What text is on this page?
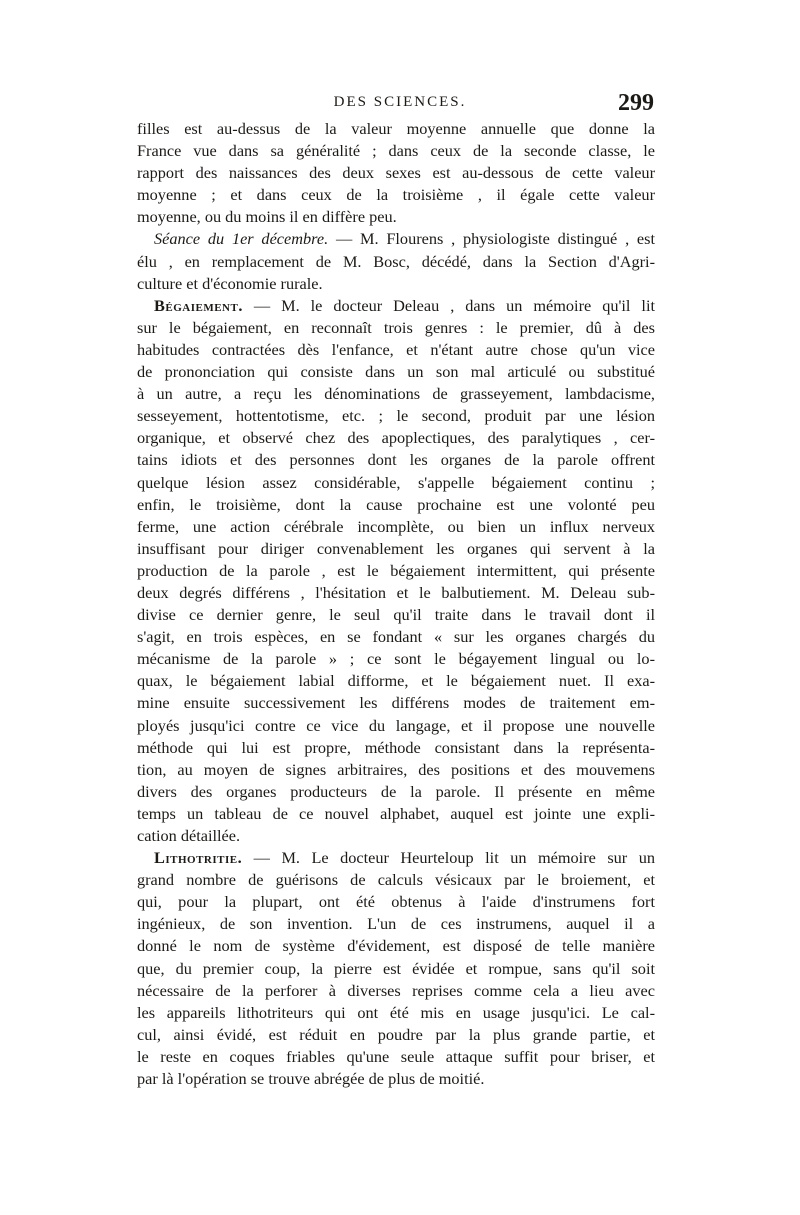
DES SCIENCES.	299
filles est au-dessus de la valeur moyenne annuelle que donne la
France vue dans sa généralité ; dans ceux de la seconde classe, le
rapport des naissances des deux sexes est au-dessous de cette valeur
moyenne ; et dans ceux de la troisième , il égale cette valeur
moyenne, ou du moins il en diffère peu.
Séance du 1er décembre. — M. Flourens , physiologiste distingué , est
élu , en remplacement de M. Bosc, décédé, dans la Section d'Agri-
culture et d'économie rurale.
Bégaiement. — M. le docteur Deleau , dans un mémoire qu'il lit
sur le bégaiement, en reconnaît trois genres : le premier, dû à des
habitudes contractées dès l'enfance, et n'étant autre chose qu'un vice
de prononciation qui consiste dans un son mal articulé ou substitué
à un autre, a reçu les dénominations de grasseyement, lambdacisme,
sesseyement, hottentotisme, etc. ; le second, produit par une lésion
organique, et observé chez des apoplectiques, des paralytiques , cer-
tains idiots et des personnes dont les organes de la parole offrent
quelque lésion assez considérable, s'appelle bégaiement continu ;
enfin, le troisième, dont la cause prochaine est une volonté peu
ferme, une action cérébrale incomplète, ou bien un influx nerveux
insuffisant pour diriger convenablement les organes qui servent à la
production de la parole , est le bégaiement intermittent, qui présente
deux degrés différens , l'hésitation et le balbutiement. M. Deleau sub-
divise ce dernier genre, le seul qu'il traite dans le travail dont il
s'agit, en trois espèces, en se fondant « sur les organes chargés du
mécanisme de la parole » ; ce sont le bégayement lingual ou lo-
quax, le bégaiement labial difforme, et le bégaiement nuet. Il exa-
mine ensuite successivement les différens modes de traitement em-
ployés jusqu'ici contre ce vice du langage, et il propose une nouvelle
méthode qui lui est propre, méthode consistant dans la représenta-
tion, au moyen de signes arbitraires, des positions et des mouvemens
divers des organes producteurs de la parole. Il présente en même
temps un tableau de ce nouvel alphabet, auquel est jointe une expli-
cation détaillée.
Lithotritie. — M. Le docteur Heurteloup lit un mémoire sur un
grand nombre de guérisons de calculs vésicaux par le broiement, et
qui, pour la plupart, ont été obtenus à l'aide d'instrumens fort
ingénieux, de son invention. L'un de ces instrumens, auquel il a
donné le nom de système d'évidement, est disposé de telle manière
que, du premier coup, la pierre est évidée et rompue, sans qu'il soit
nécessaire de la perforer à diverses reprises comme cela a lieu avec
les appareils lithotriteurs qui ont été mis en usage jusqu'ici. Le cal-
cul, ainsi évidé, est réduit en poudre par la plus grande partie, et
le reste en coques friables qu'une seule attaque suffit pour briser, et
par là l'opération se trouve abrégée de plus de moitié.
